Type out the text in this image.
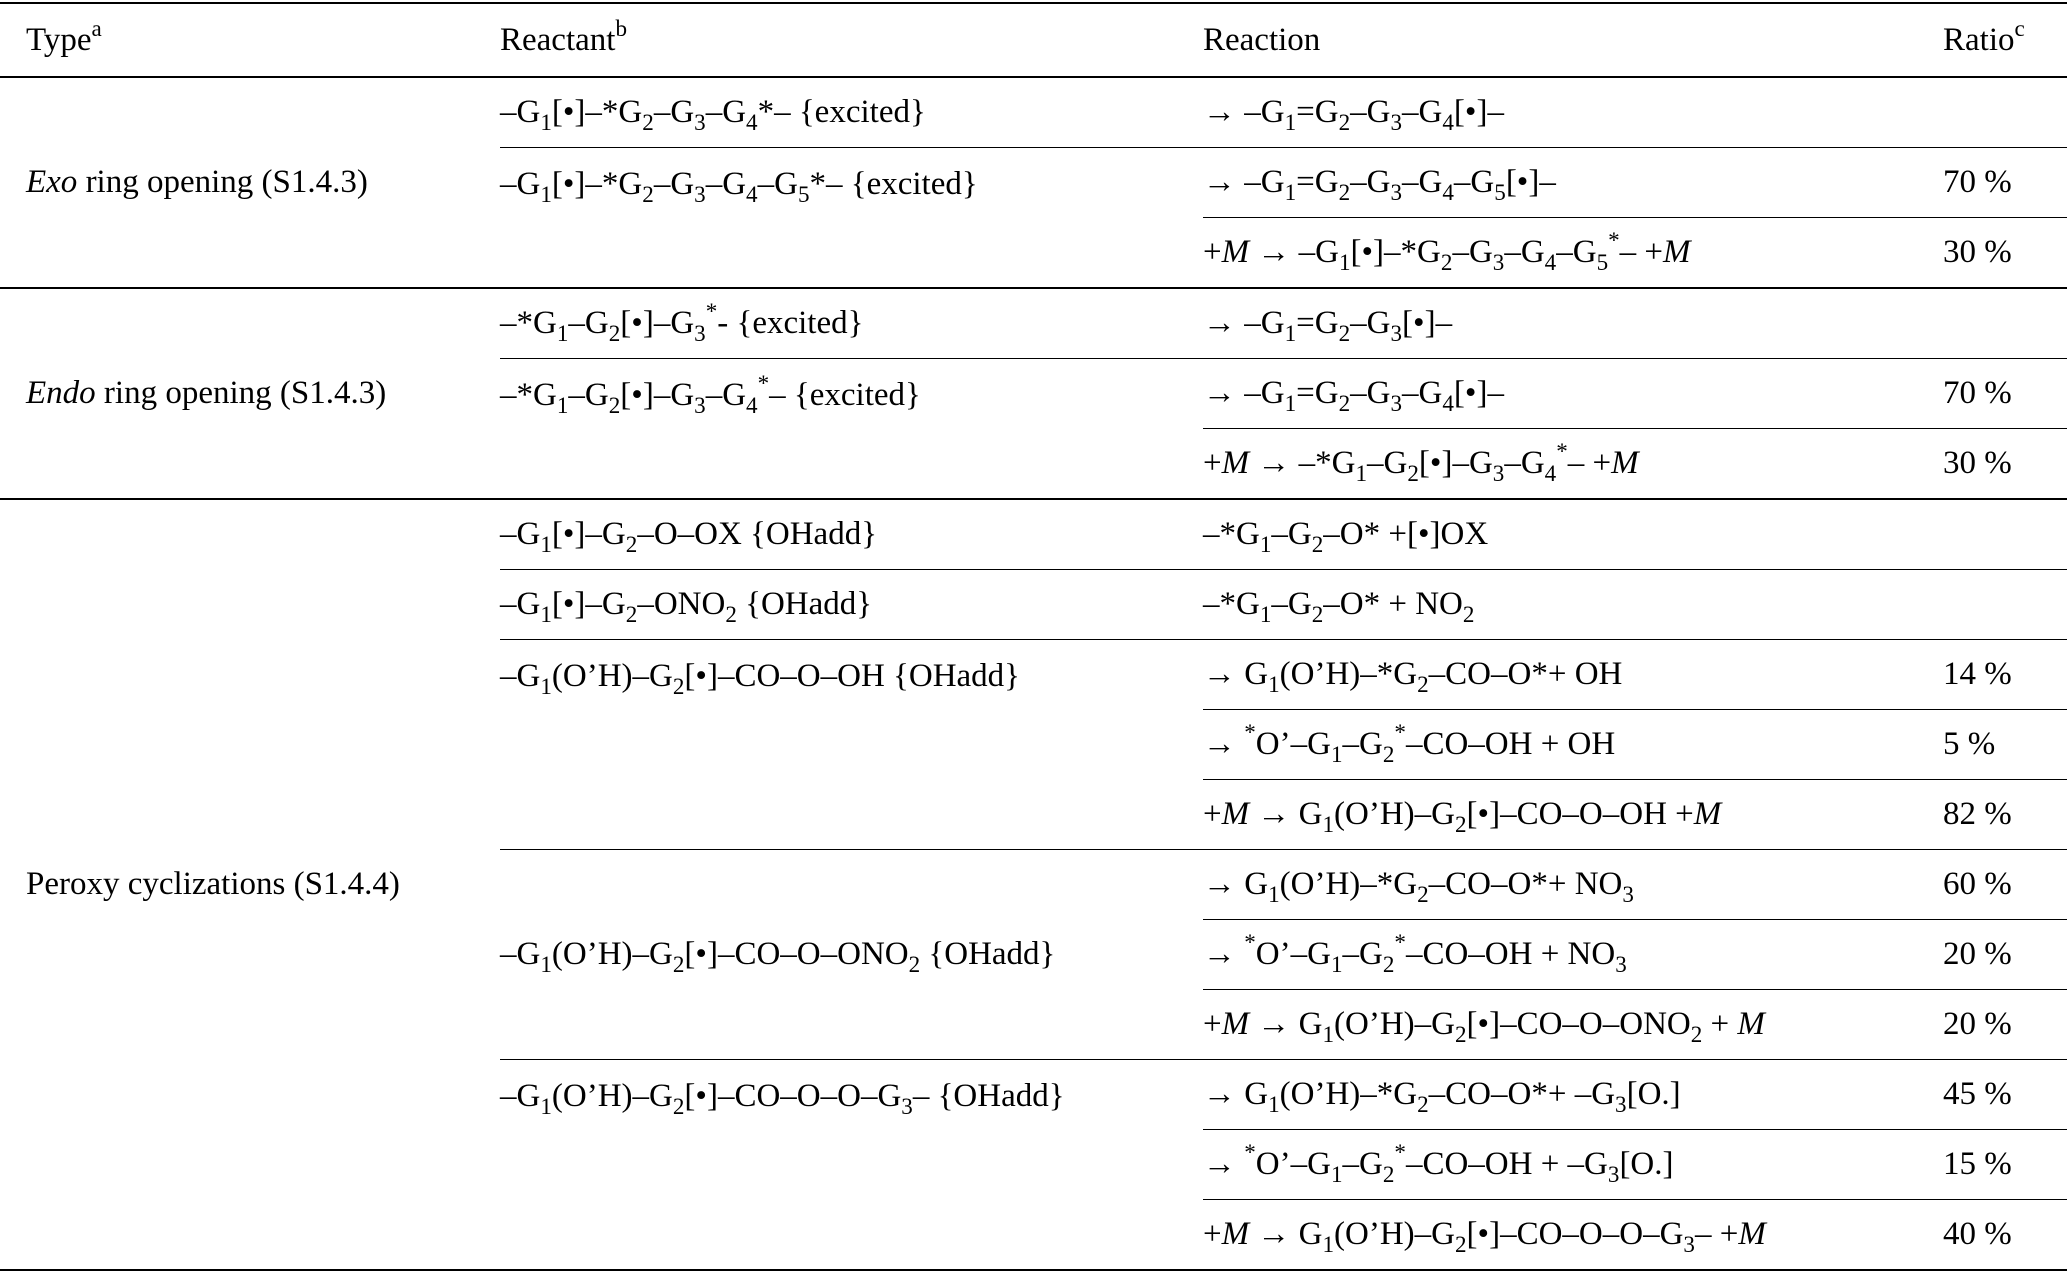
Type$^a$	Reactant$^b$	Reaction	Ratio$^c$
Exo ring opening (S1.4.3)	$-G_1[•]-*G_2-G_3-G_4*-$ {excited}	→ $-G_1=G_2-G_3-G_4[•]-$	
	$-G_1[•]-*G_2-G_3-G_4-G_5*-$ {excited}	→ $-G_1=G_2-G_3-G_4-G_5[•]-$	70 %
		$+M \to -G_1[•]-*G_2-G_3-G_4-G_5^*- +M$	30 %
Endo ring opening (S1.4.3)	$-*G_1-G_2[•]-G_3^*-$ {excited}	→ $-G_1=G_2-G_3[•]-$	
	$-*G_1-G_2[•]-G_3-G_4^*-$ {excited}	→ $-G_1=G_2-G_3-G_4[•]-$	70 %
		$+M \to -*G_1-G_2[•]-G_3-G_4^*- +M$	30 %
Peroxy cyclizations (S1.4.4)	$-G_1[•]-G_2-O-OX$ {OHadd}	$-*G_1-G_2-O*$ +[•]OX	
	$-G_1[•]-G_2-ONO_2$ {OHadd}	$-*G_1-G_2-O* + NO_2$	
	$-G_1(O’H)-G_2[•]-CO-O-OH$ {OHadd}	→ $G_1(O’H)-*G_2-CO-O*+$ OH	14 %
		→ $^*O’-G_1-G_2^*-CO-OH$ + OH	5 %
		$+M \to G_1(O’H)-G_2[•]-CO-O-OH +M$	82 %
	$-G_1(O’H)-G_2[•]-CO-O-ONO_2$ {OHadd}	→ $G_1(O’H)-*G_2-CO-O*+ NO_3$	60 %
		→ $^*O’-G_1-G_2^*-CO-OH + NO_3$	20 %
		$+M \to G_1(O’H)-G_2[•]-CO-O-ONO_2 + M$	20 %
	$-G_1(O’H)-G_2[•]-CO-O-O-G_3-$ {OHadd}	→ $G_1(O’H)-*G_2-CO-O*+ -G_3[O.]$	45 %
		→ $^*O’-G_1-G_2^*-CO-OH + -G_3[O.]$	15 %
		$+M \to G_1(O’H)-G_2[•]-CO-O-O-G_3- +M$	40 %
